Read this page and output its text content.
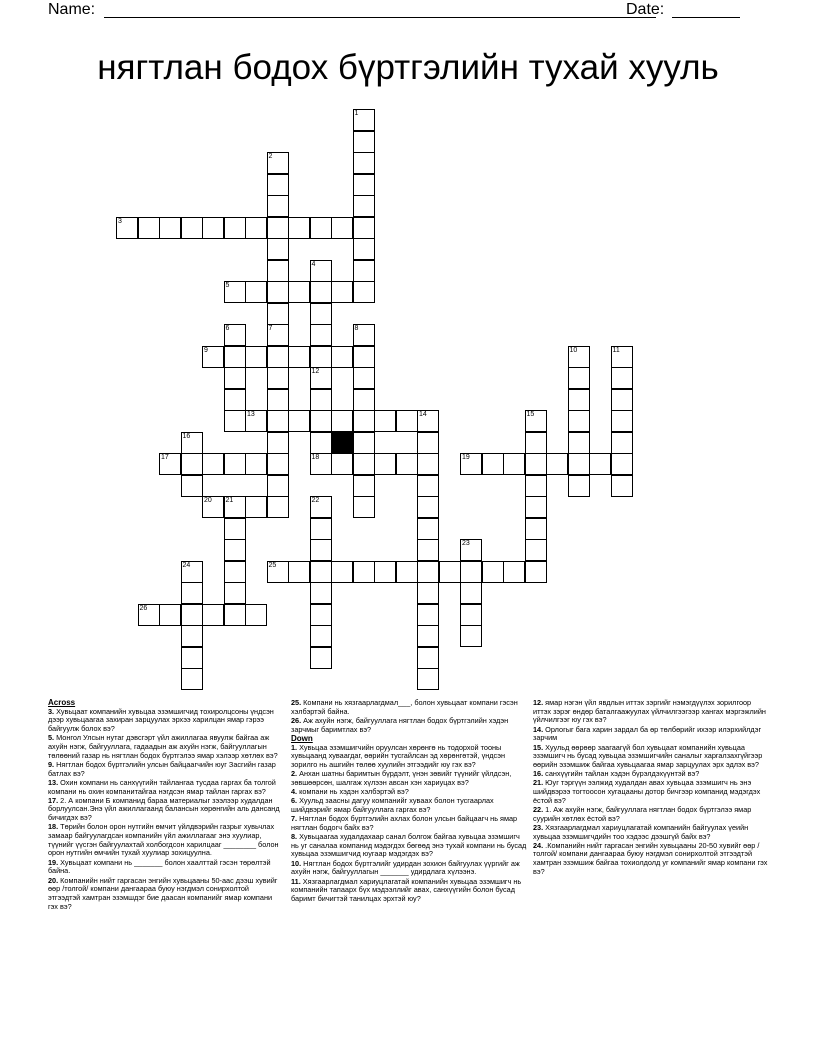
Name:	Date:
нягтлан бодох бүртгэлийн тухай хууль
1
2
3
4
5
6	7	8
9	10	11
12
13	14	15
16
17	18	19
20 21	22
23
24	25
26
Across
3. Хувьцаат компанийн хувьцаа эзэмшигчид тохиролцсоны үндсэн дээр хувьцаагаа захиран зарцуулах эрхээ харилцан ямар гэрээ байгуулж болох вэ?
5. Монгол Улсын нутаг дэвсгэрт үйл ажиллагаа явуулж байгаа аж ахуйн нэгж, байгууллага, гадаадын аж ахуйн нэгж, байгууллагын төлөөний газар нь нягтлан бодох бүртгэлээ ямар хэлээр хөтлөх вэ?
9. Нягтлан бодох бүртгэлийн улсын байцаагчийн юуг Засгийн газар батлах вэ?
13. Охин компани нь санхүүгийн тайлангаа тусдаа гаргах ба толгой компани нь охин компанитайгаа нэгдсэн ямар тайлан гаргах вэ?
17. 2. А компани Б компанид бараа материалыг зээлээр худалдан борлуулсан.Энэ үйл ажиллагаанд балансын хөрөнгийн аль дансанд бичигдэх вэ?
18. Төрийн болон орон нутгийн өмчит үйлдвэрийн газрыг хувьчлах замаар байгуулагдсан компанийн үйл ажиллагааг энэ хуулиар, түүнийг үүсгэн байгуулахтай холбогдсон харилцааг ________ болон орон нутгийн өмчийн тухай хуулиар зохицуулна.
19. Хувьцаат компани нь _______ болон хаалттай гэсэн төрөлтэй байна.
20. Компанийн нийт гаргасан энгийн хувьцааны 50-аас дээш хувийг өөр /толгой/ компани дангаараа буюу нэгдмэл сонирхолтой этгээдтэй хамтран эзэмшдэг бие даасан компанийг ямар компани гэх вэ?
25. Компани нь хязгаарлагдмал___, болон хувьцаат компани гэсэн хэлбэртэй байна.
26. Аж ахуйн нэгж, байгууллага нягтлан бодох бүртгэлийн хэдэн зарчмыг баримтлах вэ?
Down
1. Хувьцаа эзэмшигчийн оруулсан хөрөнгө нь тодорхой тооны хувьцаанд хуваагдаг, өөрийн тусгайлсан эд хөрөнгөтэй, үндсэн зорилго нь ашгийн төлөө хуулийн этгээдийг юу гэх вэ?
2. Анхан шатны баримтын бүрдэлт, үнэн зөвийг түүнийг үйлдсэн, зөвшөөрсөн, шалгаж хүлээн авсан хэн хариуцах вэ?
4. компани нь хэдэн хэлбэртэй вэ?
6. Хуульд заасны дагуу компанийг хуваах болон тусгаарлах шийдвэрийг ямар байгууллага гаргах вэ?
7. Нягтлан бодох бүртгэлийн ахлах болон улсын байцаагч нь ямар нягтлан бодогч байх вэ?
8. Хувьцаагаа худалдахаар санал болгож байгаа хувьцаа эзэмшигч нь уг саналаа компанид мэдэгдэх бөгөөд энэ тухай компани нь бусад хувьцаа эзэмшигчид юугаар мэдэгдэх вэ?
10. Нягтлан бодох бүртгэлийг удирдан зохион байгуулах үүргийг аж ахуйн нэгж, байгууллагын _______ удирдлага хүлээнэ.
11. Хязгаарлагдмал хариуцлагатай компанийн хувьцаа эзэмшигч нь компанийн тапаарх бүх мэдээллийг авах, санхүүгийн болон бусад баримт бичигтэй танилцах эрхтэй юу?
12. ямар нэгэн үйл явдлын иттэх зэргийг нэмэгдүүлэх зорилгоор иттэх зэрэг өндөр баталгаажуулах үйлчилгээгээр хангах мэргэжлийн үйлчилгээг юу гэх вэ?
14. Орлогыг бага харин зардал ба өр төлбөрийг ихээр илэрхийлдэг зарчим
15. Хуульд өөрөөр заагаагүй бол хувьцаат компанийн хувьцаа эзэмшигч нь бусад хувьцаа эзэмшигчийн саналыг харгалзахгүйгээр өөрийн эзэмшиж байгаа хувьцаагаа ямар зарцуулах эрх эдлэх вэ?
16. санхүүгийн тайлан хэдэн бүрэлдэхүүнтэй вэ?
21. Юуг тэргүүн ээлжид худалдан авах хувьцаа эзэмшигч нь энэ шийдвэрээ тогтоосон хугацааны дотор бичгээр компанид мэдэгдэх ёстой вэ?
22. 1. Аж ахуйн нэгж, байгууллага нягтлан бодох бүртгэлээ ямар суурийн хөтлөх ёстой вэ?
23. Хязгаарлагдмал хариуцлагатай компанийн байгуулах үеийн хувьцаа эзэмшигчдийн тоо хэдээс дээшгүй байх вэ?
24. .Компанийн нийт гаргасан энгийн хувьцааны 20-50 хувийг өөр /толгой/ компани дангаараа буюу нэгдмэл сонирхолтой этгээдтэй хамтран эзэмшиж байгаа тохиолдолд уг компанийг ямар компани гэх вэ?
